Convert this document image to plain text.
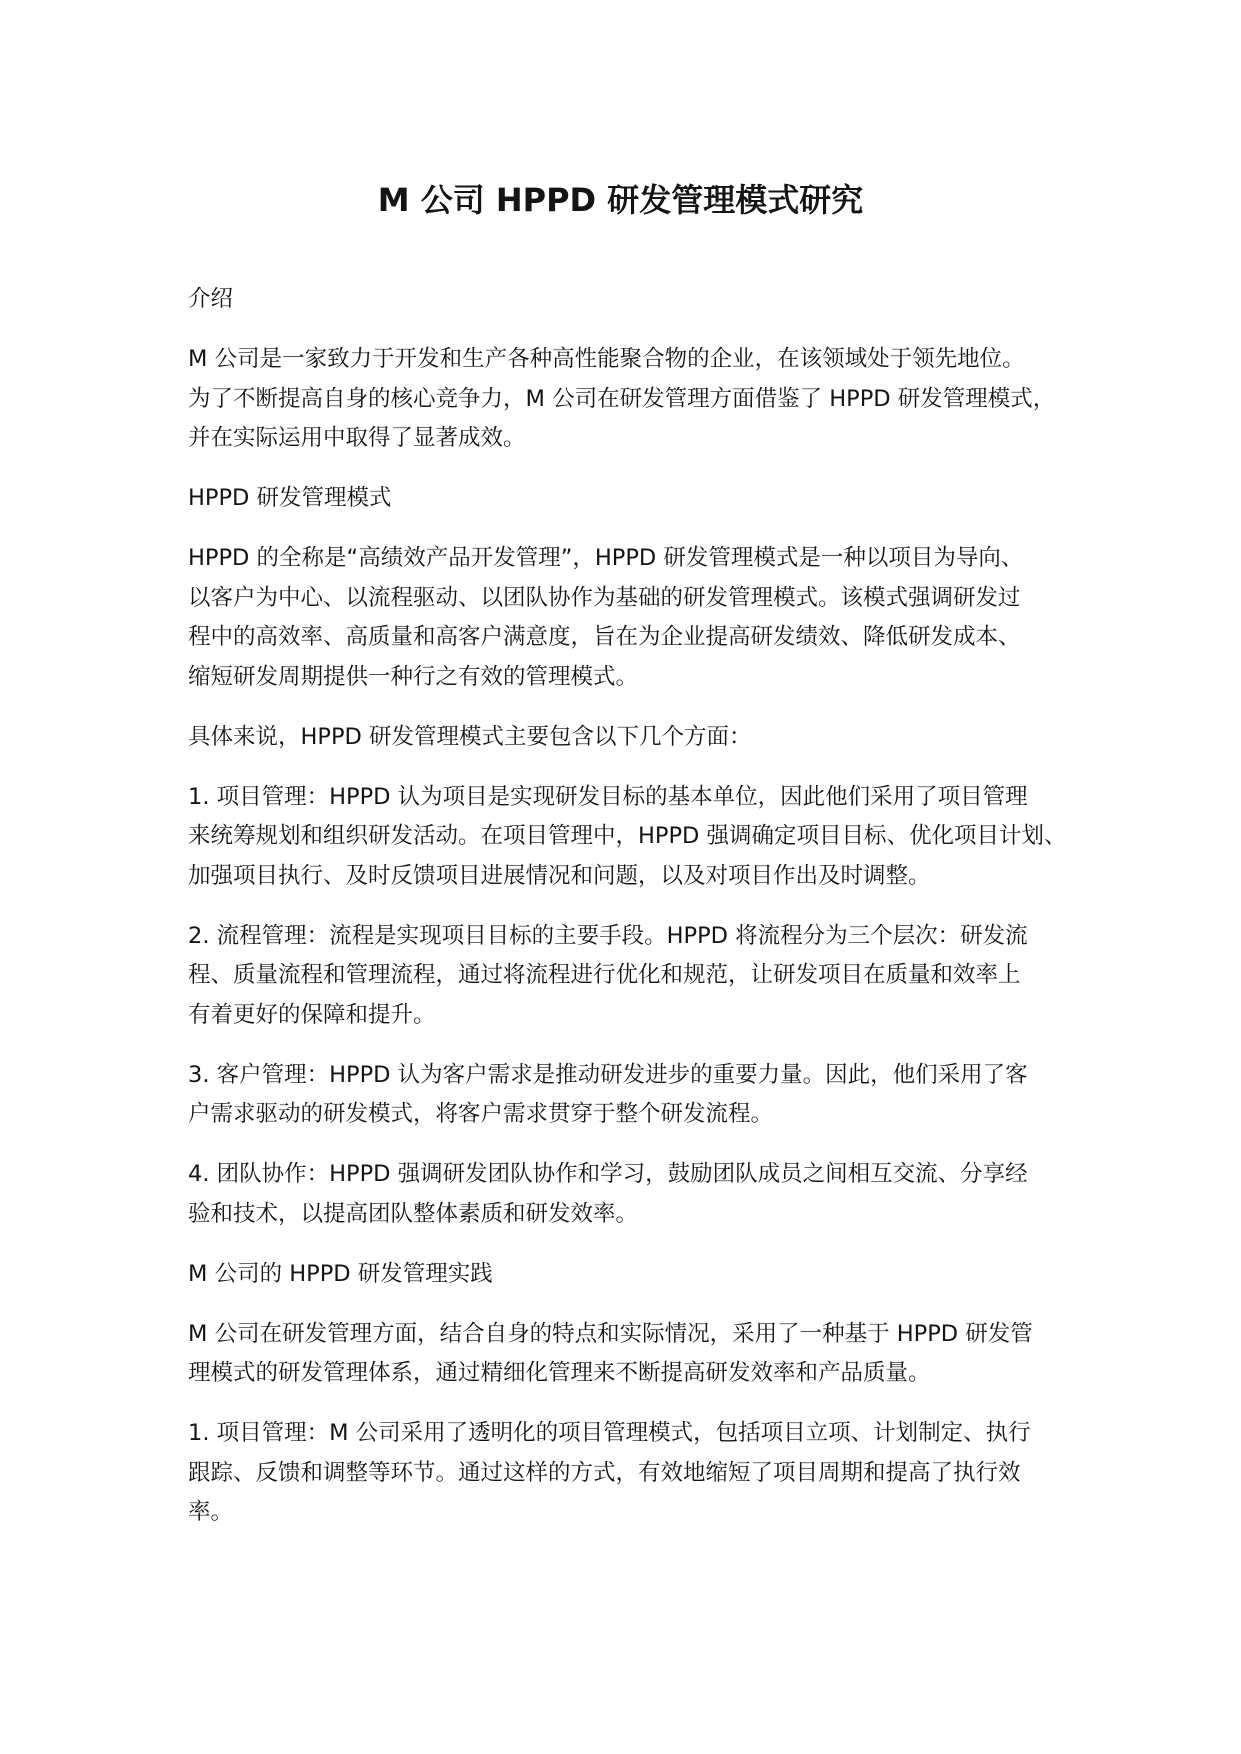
M 公司 HPPD 研发管理模式研究

介绍

M 公司是一家致力于开发和生产各种高性能聚合物的企业，在该领域处于领先地位。
为了不断提高自身的核心竞争力，M 公司在研发管理方面借鉴了 HPPD 研发管理模式，
并在实际运用中取得了显著成效。

HPPD 研发管理模式

HPPD 的全称是“高绩效产品开发管理”，HPPD 研发管理模式是一种以项目为导向、
以客户为中心、以流程驱动、以团队协作为基础的研发管理模式。该模式强调研发过
程中的高效率、高质量和高客户满意度，旨在为企业提高研发绩效、降低研发成本、
缩短研发周期提供一种行之有效的管理模式。

具体来说，HPPD 研发管理模式主要包含以下几个方面：

1. 项目管理：HPPD 认为项目是实现研发目标的基本单位，因此他们采用了项目管理
来统筹规划和组织研发活动。在项目管理中，HPPD 强调确定项目目标、优化项目计划、
加强项目执行、及时反馈项目进展情况和问题，以及对项目作出及时调整。

2. 流程管理：流程是实现项目目标的主要手段。HPPD 将流程分为三个层次：研发流
程、质量流程和管理流程，通过将流程进行优化和规范，让研发项目在质量和效率上
有着更好的保障和提升。

3. 客户管理：HPPD 认为客户需求是推动研发进步的重要力量。因此，他们采用了客
户需求驱动的研发模式，将客户需求贯穿于整个研发流程。

4. 团队协作：HPPD 强调研发团队协作和学习，鼓励团队成员之间相互交流、分享经
验和技术，以提高团队整体素质和研发效率。

M 公司的 HPPD 研发管理实践

M 公司在研发管理方面，结合自身的特点和实际情况，采用了一种基于 HPPD 研发管
理模式的研发管理体系，通过精细化管理来不断提高研发效率和产品质量。

1. 项目管理：M 公司采用了透明化的项目管理模式，包括项目立项、计划制定、执行
跟踪、反馈和调整等环节。通过这样的方式，有效地缩短了项目周期和提高了执行效
率。
